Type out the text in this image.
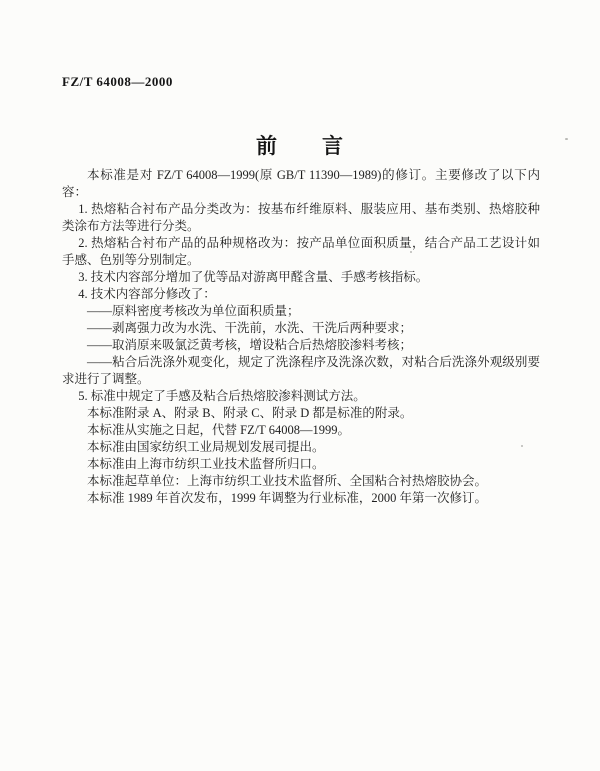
FZ/T 64008—2000
前　　言

本标准是对 FZ/T 64008—1999(原 GB/T 11390—1989)的修订。主要修改了以下内容：

1. 热熔粘合衬布产品分类改为：按基布纤维原料、服装应用、基布类别、热熔胶种类涂布方法等进行分类。

2. 热熔粘合衬布产品的品种规格改为：按产品单位面积质量，结合产品工艺设计如手感、色别等分别制定。

3. 技术内容部分增加了优等品对游离甲醛含量、手感考核指标。

4. 技术内容部分修改了：

——原料密度考核改为单位面积质量；

——剥离强力改为水洗、干洗前，水洗、干洗后两种要求；

——取消原来吸氯泛黄考核，增设粘合后热熔胶渗料考核；

——粘合后洗涤外观变化，规定了洗涤程序及洗涤次数，对粘合后洗涤外观级别要求进行了调整。

5. 标准中规定了手感及粘合后热熔胶渗料测试方法。

本标准附录 A、附录 B、附录 C、附录 D 都是标准的附录。

本标准从实施之日起，代替 FZ/T 64008—1999。

本标准由国家纺织工业局规划发展司提出。

本标准由上海市纺织工业技术监督所归口。

本标准起草单位：上海市纺织工业技术监督所、全国粘合衬热熔胶协会。

本标准 1989 年首次发布，1999 年调整为行业标准，2000 年第一次修订。
